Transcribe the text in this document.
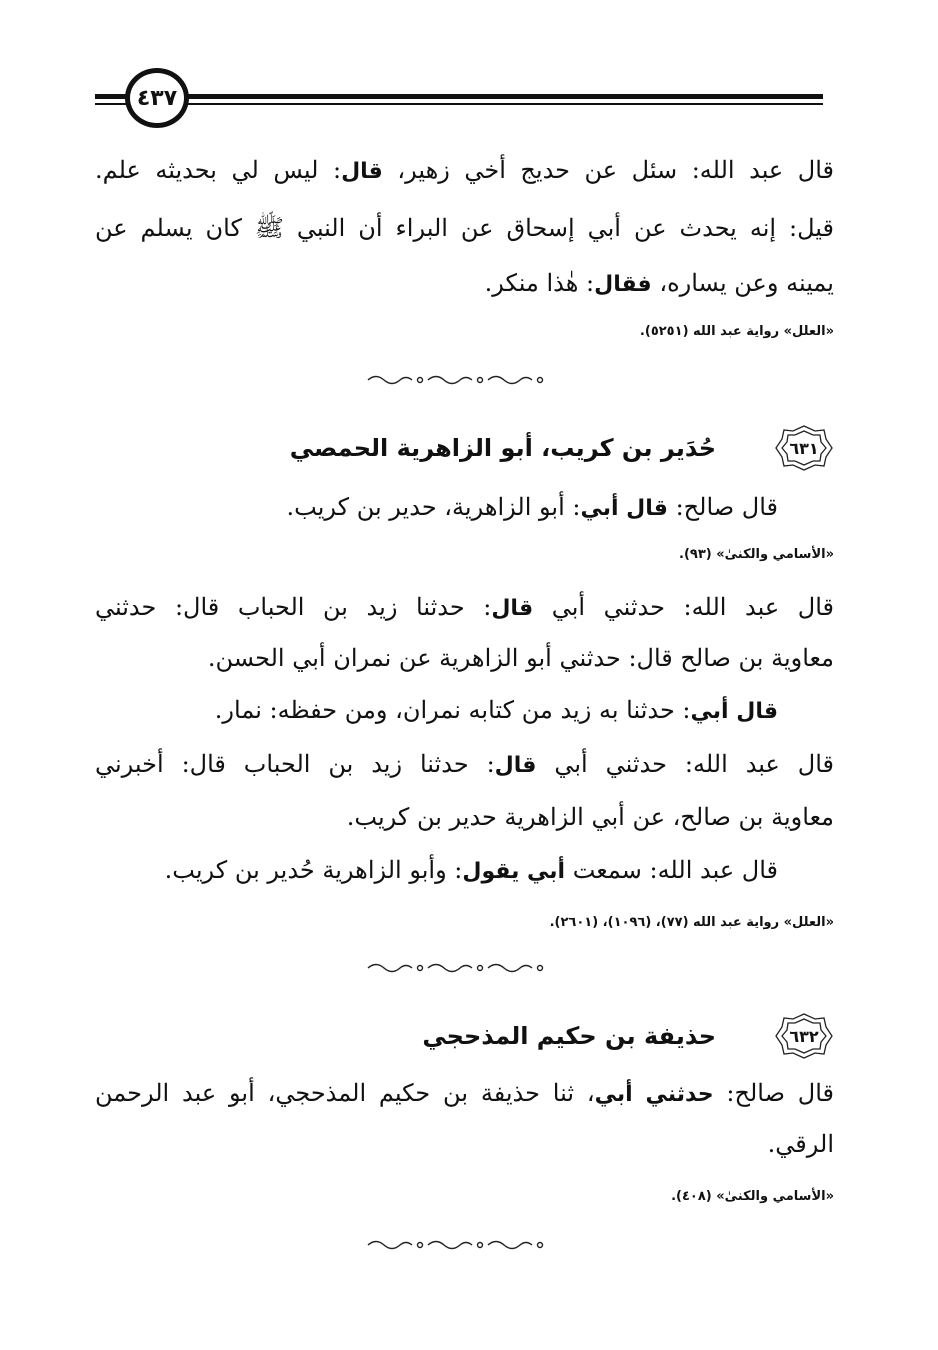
٤٣٧
قال عبد الله: سئل عن حديج أخي زهير، قال: ليس لي بحديثه علم.
قيل: إنه يحدث عن أبي إسحاق عن البراء أن النبي ﷺ كان يسلم عن
يمينه وعن يساره، فقال: هٰذا منكر.
«العلل» رواية عبد الله (٥٢٥١).
٦٣١
حُدَير بن كريب، أبو الزاهرية الحمصي
قال صالح: قال أبي: أبو الزاهرية، حدير بن كريب.
«الأسامي والكنىٰ» (٩٣).
قال عبد الله: حدثني أبي قال: حدثنا زيد بن الحباب قال: حدثني
معاوية بن صالح قال: حدثني أبو الزاهرية عن نمران أبي الحسن.
قال أبي: حدثنا به زيد من كتابه نمران، ومن حفظه: نمار.
قال عبد الله: حدثني أبي قال: حدثنا زيد بن الحباب قال: أخبرني
معاوية بن صالح، عن أبي الزاهرية حدير بن كريب.
قال عبد الله: سمعت أبي يقول: وأبو الزاهرية حُدير بن كريب.
«العلل» رواية عبد الله (٧٧)، (١٠٩٦)، (٢٦٠١).
٦٣٢
حذيفة بن حكيم المذحجي
قال صالح: حدثني أبي، ثنا حذيفة بن حكيم المذحجي، أبو عبد الرحمن
الرقي.
«الأسامي والكنىٰ» (٤٠٨).
